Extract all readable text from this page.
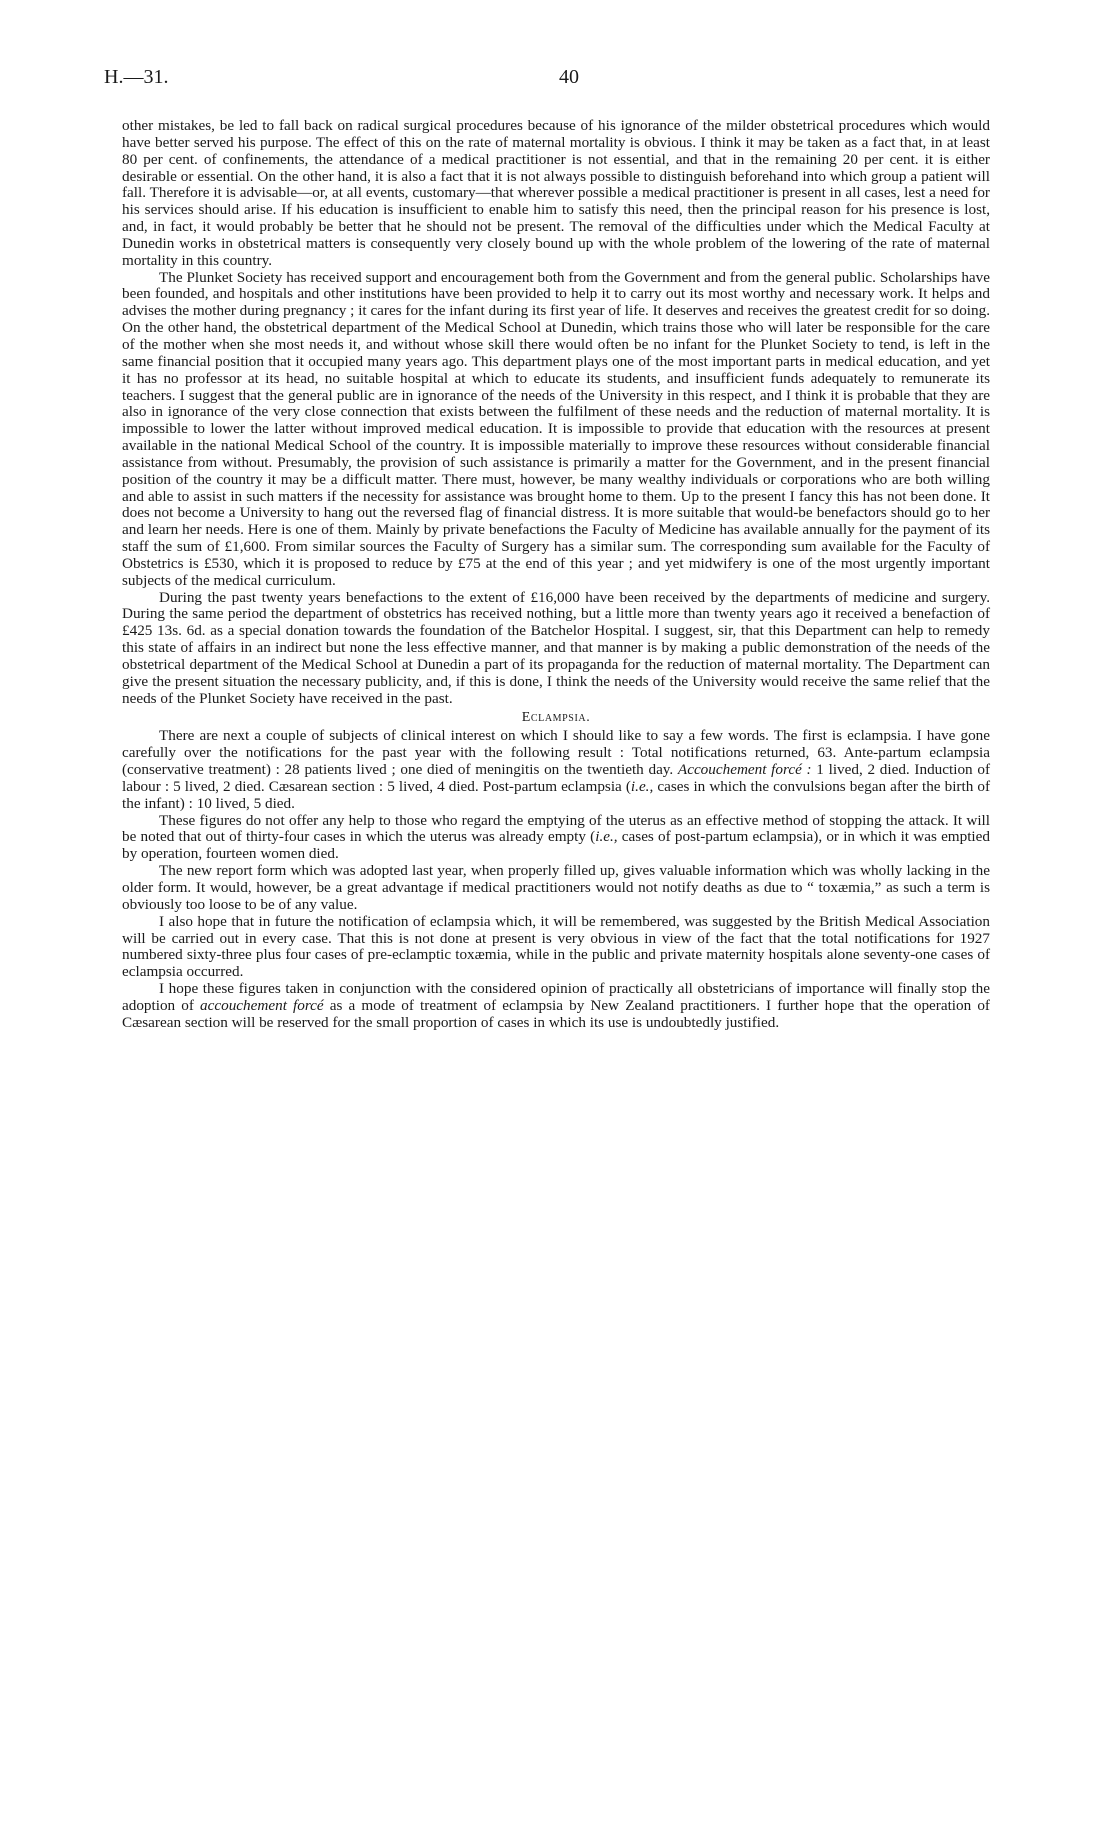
H.—31.	40

other mistakes, be led to fall back on radical surgical procedures because of his ignorance of the milder obstetrical procedures which would have better served his purpose. The effect of this on the rate of maternal mortality is obvious. I think it may be taken as a fact that, in at least 80 per cent. of confinements, the attendance of a medical practitioner is not essential, and that in the remaining 20 per cent. it is either desirable or essential. On the other hand, it is also a fact that it is not always possible to distinguish beforehand into which group a patient will fall. Therefore it is advisable—or, at all events, customary—that wherever possible a medical practitioner is present in all cases, lest a need for his services should arise. If his education is insufficient to enable him to satisfy this need, then the principal reason for his presence is lost, and, in fact, it would probably be better that he should not be present. The removal of the difficulties under which the Medical Faculty at Dunedin works in obstetrical matters is consequently very closely bound up with the whole problem of the lowering of the rate of maternal mortality in this country.

The Plunket Society has received support and encouragement both from the Government and from the general public. Scholarships have been founded, and hospitals and other institutions have been provided to help it to carry out its most worthy and necessary work. It helps and advises the mother during pregnancy ; it cares for the infant during its first year of life. It deserves and receives the greatest credit for so doing. On the other hand, the obstetrical department of the Medical School at Dunedin, which trains those who will later be responsible for the care of the mother when she most needs it, and without whose skill there would often be no infant for the Plunket Society to tend, is left in the same financial position that it occupied many years ago. This department plays one of the most important parts in medical education, and yet it has no professor at its head, no suitable hospital at which to educate its students, and insufficient funds adequately to remunerate its teachers. I suggest that the general public are in ignorance of the needs of the University in this respect, and I think it is probable that they are also in ignorance of the very close connection that exists between the fulfilment of these needs and the reduction of maternal mortality. It is impossible to lower the latter without improved medical education. It is impossible to provide that education with the resources at present available in the national Medical School of the country. It is impossible materially to improve these resources without considerable financial assistance from without. Presumably, the provision of such assistance is primarily a matter for the Government, and in the present financial position of the country it may be a difficult matter. There must, however, be many wealthy individuals or corporations who are both willing and able to assist in such matters if the necessity for assistance was brought home to them. Up to the present I fancy this has not been done. It does not become a University to hang out the reversed flag of financial distress. It is more suitable that would-be benefactors should go to her and learn her needs. Here is one of them. Mainly by private benefactions the Faculty of Medicine has available annually for the payment of its staff the sum of £1,600. From similar sources the Faculty of Surgery has a similar sum. The corresponding sum available for the Faculty of Obstetrics is £530, which it is proposed to reduce by £75 at the end of this year ; and yet midwifery is one of the most urgently important subjects of the medical curriculum.

During the past twenty years benefactions to the extent of £16,000 have been received by the departments of medicine and surgery. During the same period the department of obstetrics has received nothing, but a little more than twenty years ago it received a benefaction of £425 13s. 6d. as a special donation towards the foundation of the Batchelor Hospital. I suggest, sir, that this Department can help to remedy this state of affairs in an indirect but none the less effective manner, and that manner is by making a public demonstration of the needs of the obstetrical department of the Medical School at Dunedin a part of its propaganda for the reduction of maternal mortality. The Department can give the present situation the necessary publicity, and, if this is done, I think the needs of the University would receive the same relief that the needs of the Plunket Society have received in the past.

Eclampsia.

There are next a couple of subjects of clinical interest on which I should like to say a few words. The first is eclampsia. I have gone carefully over the notifications for the past year with the following result : Total notifications returned, 63. Ante-partum eclampsia (conservative treatment) : 28 patients lived ; one died of meningitis on the twentieth day. Accouchement forcé : 1 lived, 2 died. Induction of labour : 5 lived, 2 died. Cæsarean section : 5 lived, 4 died. Post-partum eclampsia (i.e., cases in which the convulsions began after the birth of the infant) : 10 lived, 5 died.

These figures do not offer any help to those who regard the emptying of the uterus as an effective method of stopping the attack. It will be noted that out of thirty-four cases in which the uterus was already empty (i.e., cases of post-partum eclampsia), or in which it was emptied by operation, fourteen women died.

The new report form which was adopted last year, when properly filled up, gives valuable information which was wholly lacking in the older form. It would, however, be a great advantage if medical practitioners would not notify deaths as due to “ toxæmia,” as such a term is obviously too loose to be of any value.

I also hope that in future the notification of eclampsia which, it will be remembered, was suggested by the British Medical Association will be carried out in every case. That this is not done at present is very obvious in view of the fact that the total notifications for 1927 numbered sixty-three plus four cases of pre-eclamptic toxæmia, while in the public and private maternity hospitals alone seventy-one cases of eclampsia occurred.

I hope these figures taken in conjunction with the considered opinion of practically all obstetricians of importance will finally stop the adoption of accouchement forcé as a mode of treatment of eclampsia by New Zealand practitioners. I further hope that the operation of Cæsarean section will be reserved for the small proportion of cases in which its use is undoubtedly justified.
